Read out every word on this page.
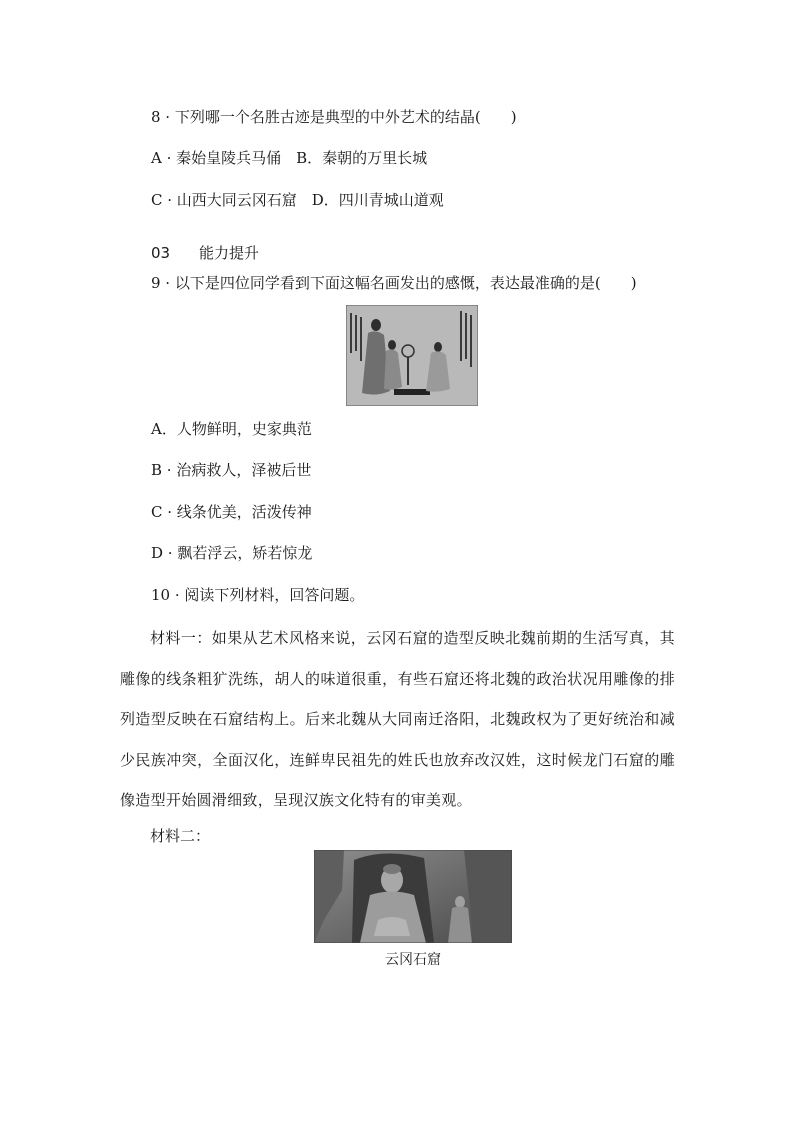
8 · 下列哪一个名胜古迹是典型的中外艺术的结晶(　　)
A · 秦始皇陵兵马俑　B．秦朝的万里长城
C · 山西大同云冈石窟　D．四川青城山道观
03 能力提升
9 · 以下是四位同学看到下面这幅名画发出的感慨，表达最准确的是(　　)
A．人物鲜明，史家典范
B · 治病救人，泽被后世
C · 线条优美，活泼传神
D · 飘若浮云，矫若惊龙
10 · 阅读下列材料，回答问题。
材料一：如果从艺术风格来说，云冈石窟的造型反映北魏前期的生活写真，其雕像的线条粗犷洗练，胡人的味道很重，有些石窟还将北魏的政治状况用雕像的排列造型反映在石窟结构上。后来北魏从大同南迁洛阳，北魏政权为了更好统治和减少民族冲突，全面汉化，连鲜卑民祖先的姓氏也放弃改汉姓，这时候龙门石窟的雕像造型开始圆滑细致，呈现汉族文化特有的审美观。
材料二：
云冈石窟
